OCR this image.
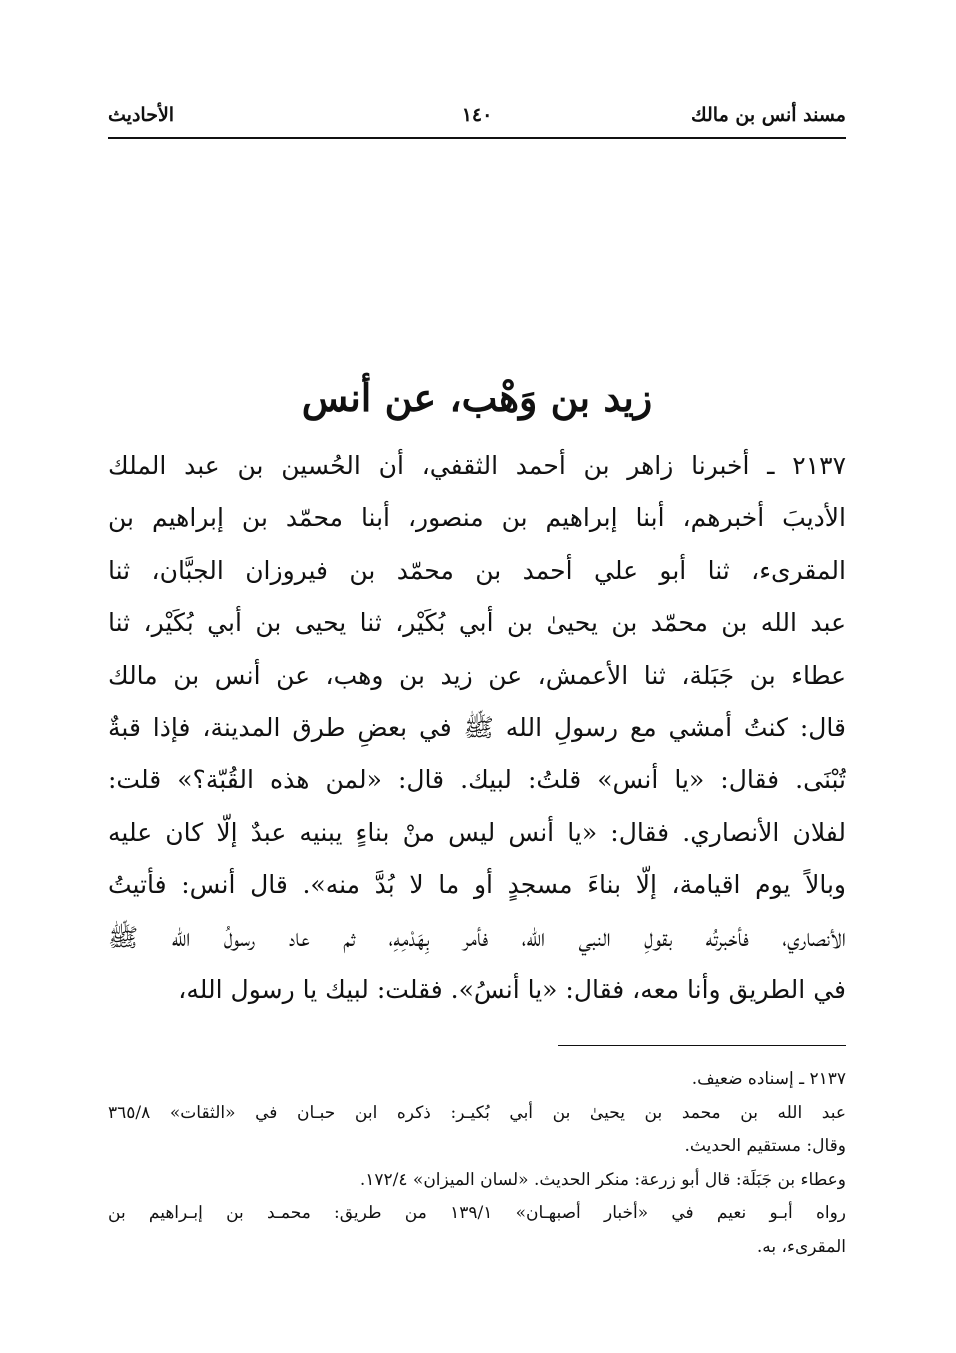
مسند أنس بن مالك
١٤٠
الأحاديث
زيد بن وَهْب، عن أنس
٢١٣٧ ـ أخبرنا زاهر بن أحمد الثقفي، أن الحُسين بن عبد الملك
الأديبَ أخبرهم، أبنا إبراهيم بن منصور، أبنا محمّد بن إبراهيم بن
المقرىء، ثنا أبو علي أحمد بن محمّد بن فيروزان الجبَّان، ثنا
عبد الله بن محمّد بن يحيىٰ بن أبي بُكَيْر، ثنا يحيى بن أبي بُكَيْر، ثنا
عطاء بن جَبَلة، ثنا الأعمش، عن زيد بن وهب، عن أنس بن مالك
قال: كنتُ أمشي مع رسولِ الله ﷺ في بعضِ طرق المدينة، فإذا قبةٌ
تُبْنَى. فقال: «يا أنس» قلتُ: لبيك. قال: «لمن هذه القُبّة؟» قلت:
لفلان الأنصاري. فقال: «يا أنس ليس منْ بناءٍ يبنيه عبدٌ إلّا كان عليه
وبالاً يوم اقيامة، إلّا بناءَ مسجدٍ أو ما لا بُدَّ منه». قال أنس: فأتيتُ
الأنصاري، فأخبرتُه بقولِ النبي الله، فأمر بِهَدْمِهِ، ثم عاد رسولُ الله ﷺ
في الطريق وأنا معه، فقال: «يا أنسُ». فقلت: لبيك يا رسول الله،
٢١٣٧ ـ إسناده ضعيف.
عبد الله بن محمد بن يحيىٰ بن أبي بُكيـر: ذكره ابن حبـان في «الثقات» ٣٦٥/٨
وقال: مستقيم الحديث.
وعطاء بن جَبَلَة: قال أبو زرعة: منكر الحديث. «لسان الميزان» ١٧٢/٤.
رواه أبـو نعيم في «أخبار أصبهـان» ١٣٩/١ من طريق: محمـد بن إبـراهيم بن
المقرىء، به.
